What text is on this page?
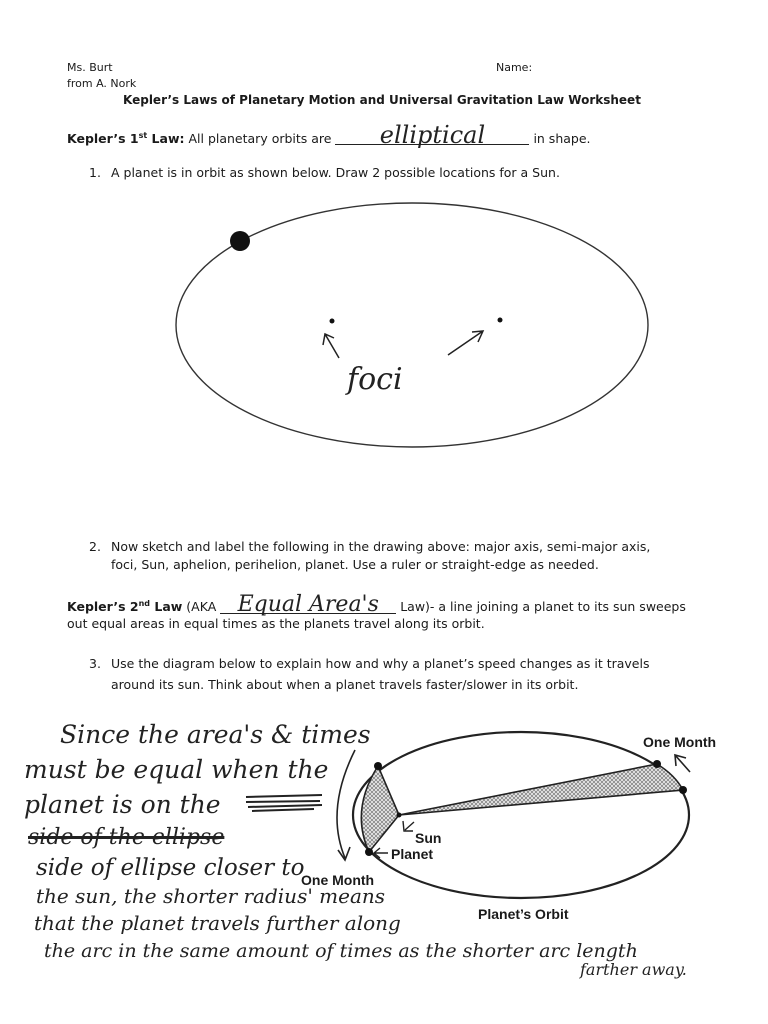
Ms. Burt
from A. Nork
Name:
Kepler’s Laws of Planetary Motion and Universal Gravitation Law Worksheet
Kepler’s 1st Law: All planetary orbits are elliptical	in shape.
1. A planet is in orbit as shown below. Draw 2 possible locations for a Sun.
foci
2. Now sketch and label the following in the drawing above: major axis, semi-major axis,
foci, Sun, aphelion, perihelion, planet. Use a ruler or straight-edge as needed.
Kepler’s 2nd Law (AKA Equal Area's Law)- a line joining a planet to its sun sweeps
out equal areas in equal times as the planets travel along its orbit.
3. Use the diagram below to explain how and why a planet’s speed changes as it travels
around its sun. Think about when a planet travels faster/slower in its orbit.
One Month
One Month
Sun
Planet
Planet’s Orbit
Since the area's & times
must be equal when the
planet is on the
side of the ellipse
side of ellipse closer to
the sun, the shorter radius' means
that the planet travels further along
the arc in the same amount of times as the shorter arc length
farther away.
